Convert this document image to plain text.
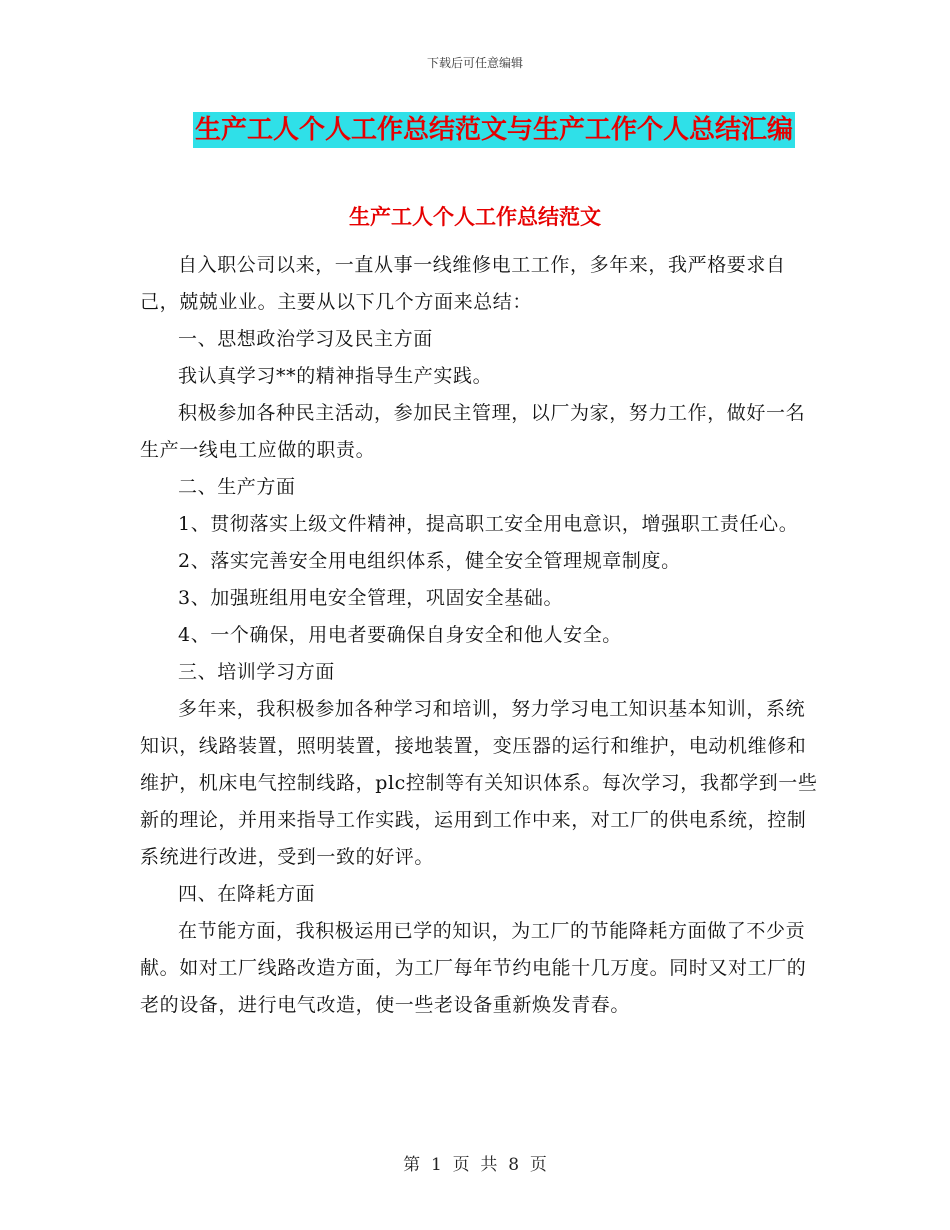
下载后可任意编辑
生产工人个人工作总结范文与生产工作个人总结汇编
生产工人个人工作总结范文

自入职公司以来，一直从事一线维修电工工作，多年来，我严格要求自己，兢兢业业。主要从以下几个方面来总结：

一、思想政治学习及民主方面

我认真学习**的精神指导生产实践。

积极参加各种民主活动，参加民主管理，以厂为家，努力工作，做好一名生产一线电工应做的职责。

二、生产方面

1、贯彻落实上级文件精神，提高职工安全用电意识，增强职工责任心。

2、落实完善安全用电组织体系，健全安全管理规章制度。

3、加强班组用电安全管理，巩固安全基础。

4、一个确保，用电者要确保自身安全和他人安全。

三、培训学习方面

多年来，我积极参加各种学习和培训，努力学习电工知识基本知训，系统知识，线路装置，照明装置，接地装置，变压器的运行和维护，电动机维修和维护，机床电气控制线路，plc控制等有关知识体系。每次学习，我都学到一些新的理论，并用来指导工作实践，运用到工作中来，对工厂的供电系统，控制系统进行改进，受到一致的好评。

四、在降耗方面

在节能方面，我积极运用已学的知识，为工厂的节能降耗方面做了不少贡献。如对工厂线路改造方面，为工厂每年节约电能十几万度。同时又对工厂的老的设备，进行电气改造，使一些老设备重新焕发青春。

第  1  页  共  8  页
